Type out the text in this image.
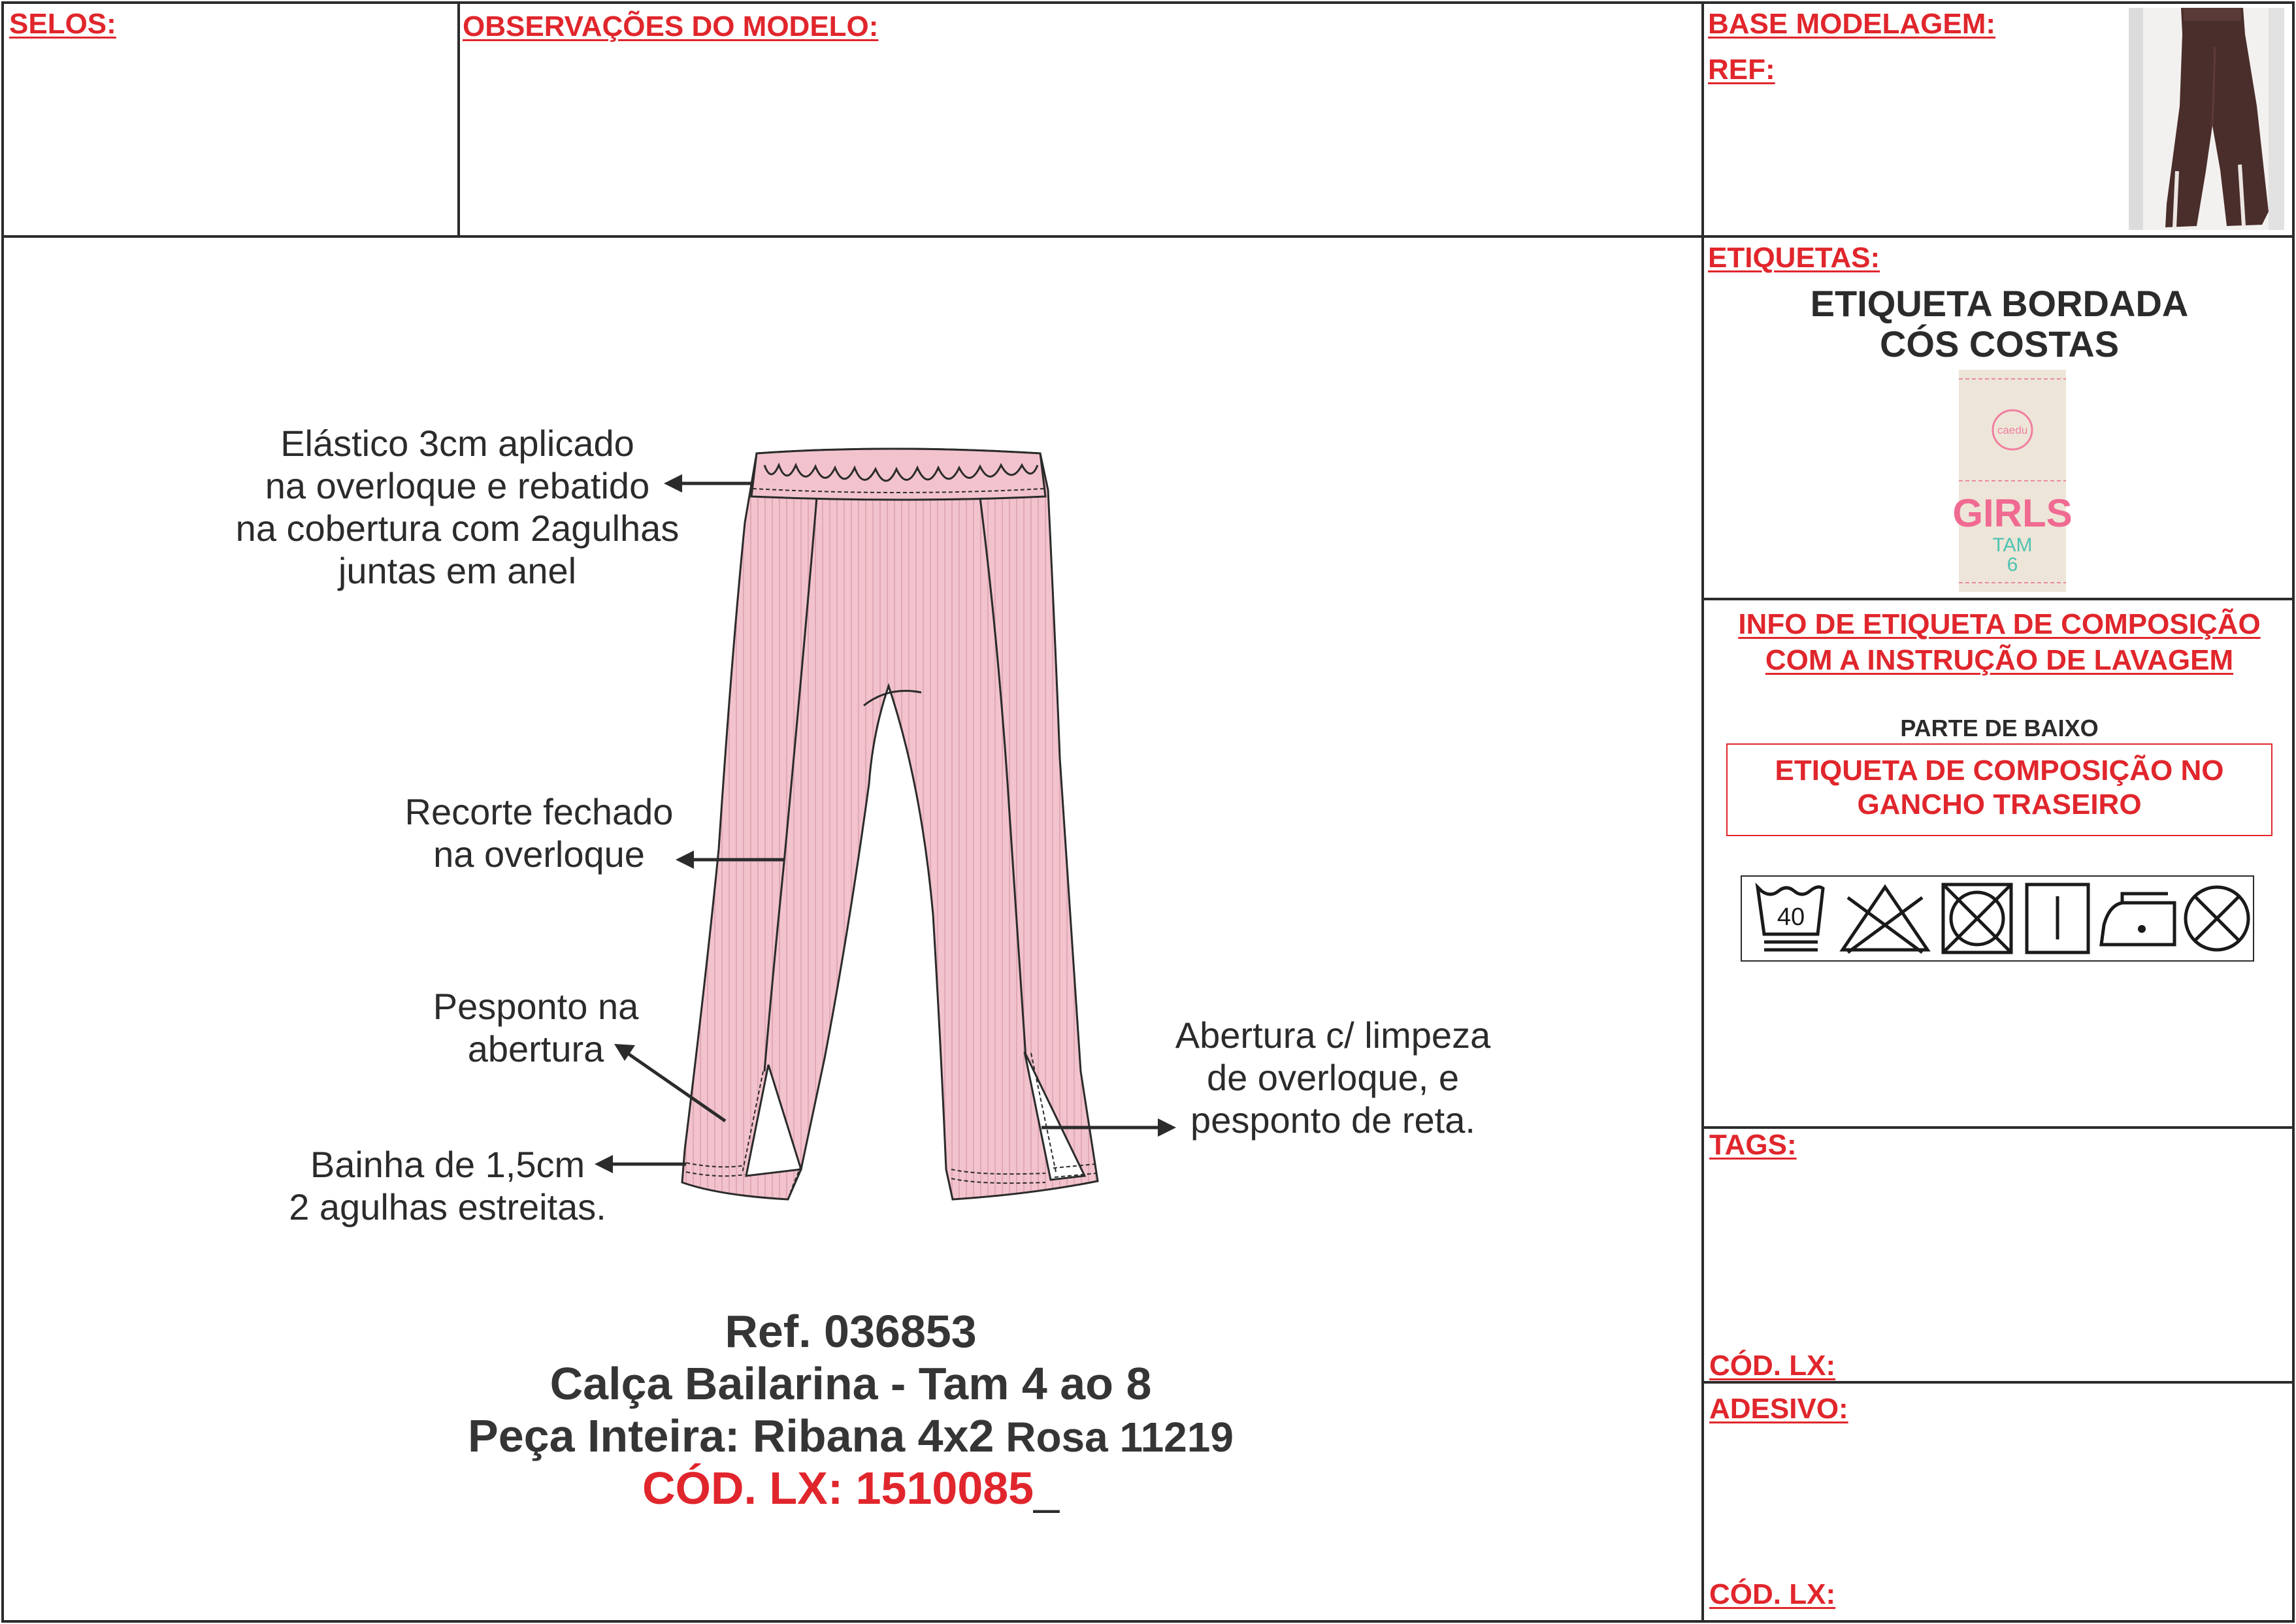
SELOS:	OBSERVAÇÕES DO MODELO:	BASE MODELAGEM:
REF:
ETIQUETAS:
ETIQUETA BORDADA
CÓS COSTAS
caedu
GIRLS
TAM
6
INFO DE ETIQUETA DE COMPOSIÇÃO
COM A INSTRUÇÃO DE LAVAGEM
PARTE DE BAIXO
ETIQUETA DE COMPOSIÇÃO NO
GANCHO TRASEIRO
40
TAGS:
CÓD. LX:
ADESIVO:
CÓD. LX:
Elástico 3cm aplicado
na overloque e rebatido
na cobertura com 2agulhas
juntas em anel
Recorte fechado
na overloque
Pesponto na
abertura
Bainha de 1,5cm
2 agulhas estreitas.
Abertura c/ limpeza
de overloque, e
pesponto de reta.
Ref. 036853
Calça Bailarina - Tam 4 ao 8
Peça Inteira: Ribana 4x2 Rosa 11219
CÓD. LX: 1510085_
